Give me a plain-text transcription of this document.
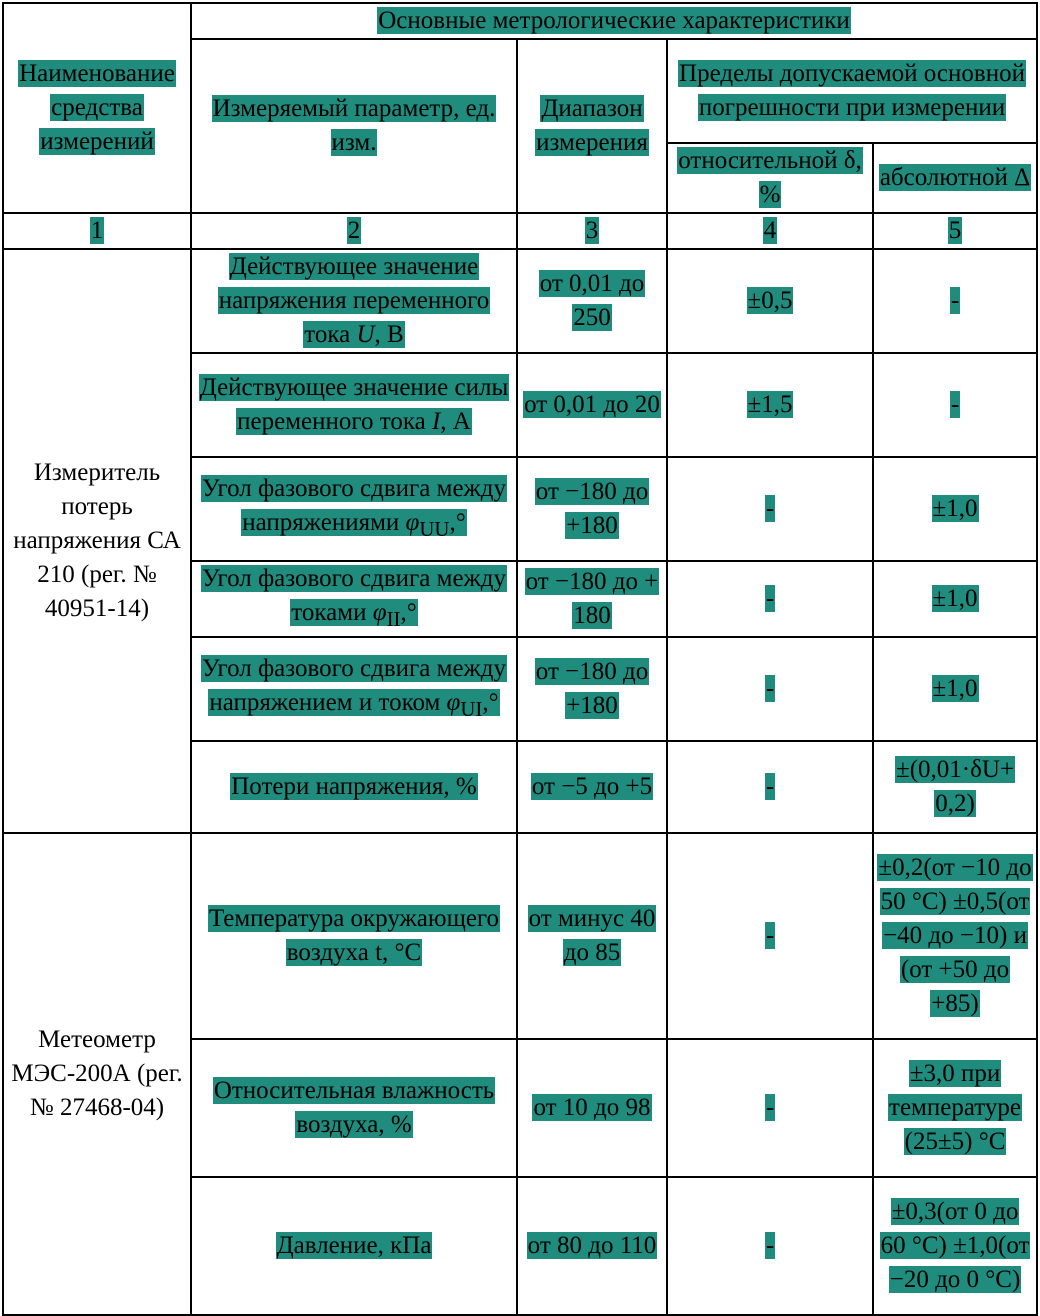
Наименование средства измерений	Основные метрологические характеристики			
	Измеряемый параметр, ед. изм.	Диапазон измерения	Пределы допускаемой основной погрешности при измерении	
			относительной δ, %	абсолютной Δ
1	2	3	4	5
Измеритель потерь напряжения СА 210 (рег. № 40951-14)	Действующее значение напряжения переменного тока U, В	от 0,01 до 250	±0,5	-
	Действующее значение силы переменного тока I, А	от 0,01 до 20	±1,5	-
	Угол фазового сдвига между напряжениями $\varphi_{UU},^\circ$	от −180 до +180	-	±1,0
	Угол фазового сдвига между токами $\varphi_{II},^\circ$	от −180 до + 180	-	±1,0
	Угол фазового сдвига между напряжением и током $\varphi_{UI},^\circ$	от −180 до +180	-	±1,0
	Потери напряжения, %	от −5 до +5	-	±(0,01·δU+ 0,2)
Метеометр МЭС-200А (рег. № 27468-04)	Температура окружающего воздуха t, °С	от минус 40 до 85	-	±0,2(от −10 до 50 °С) ±0,5(от −40 до −10) и (от +50 до +85)
	Относительная влажность воздуха, %	от 10 до 98	-	±3,0 при температуре (25±5) °С
	Давление, кПа	от 80 до 110	-	±0,3(от 0 до 60 °С) ±1,0(от −20 до 0 °С)
